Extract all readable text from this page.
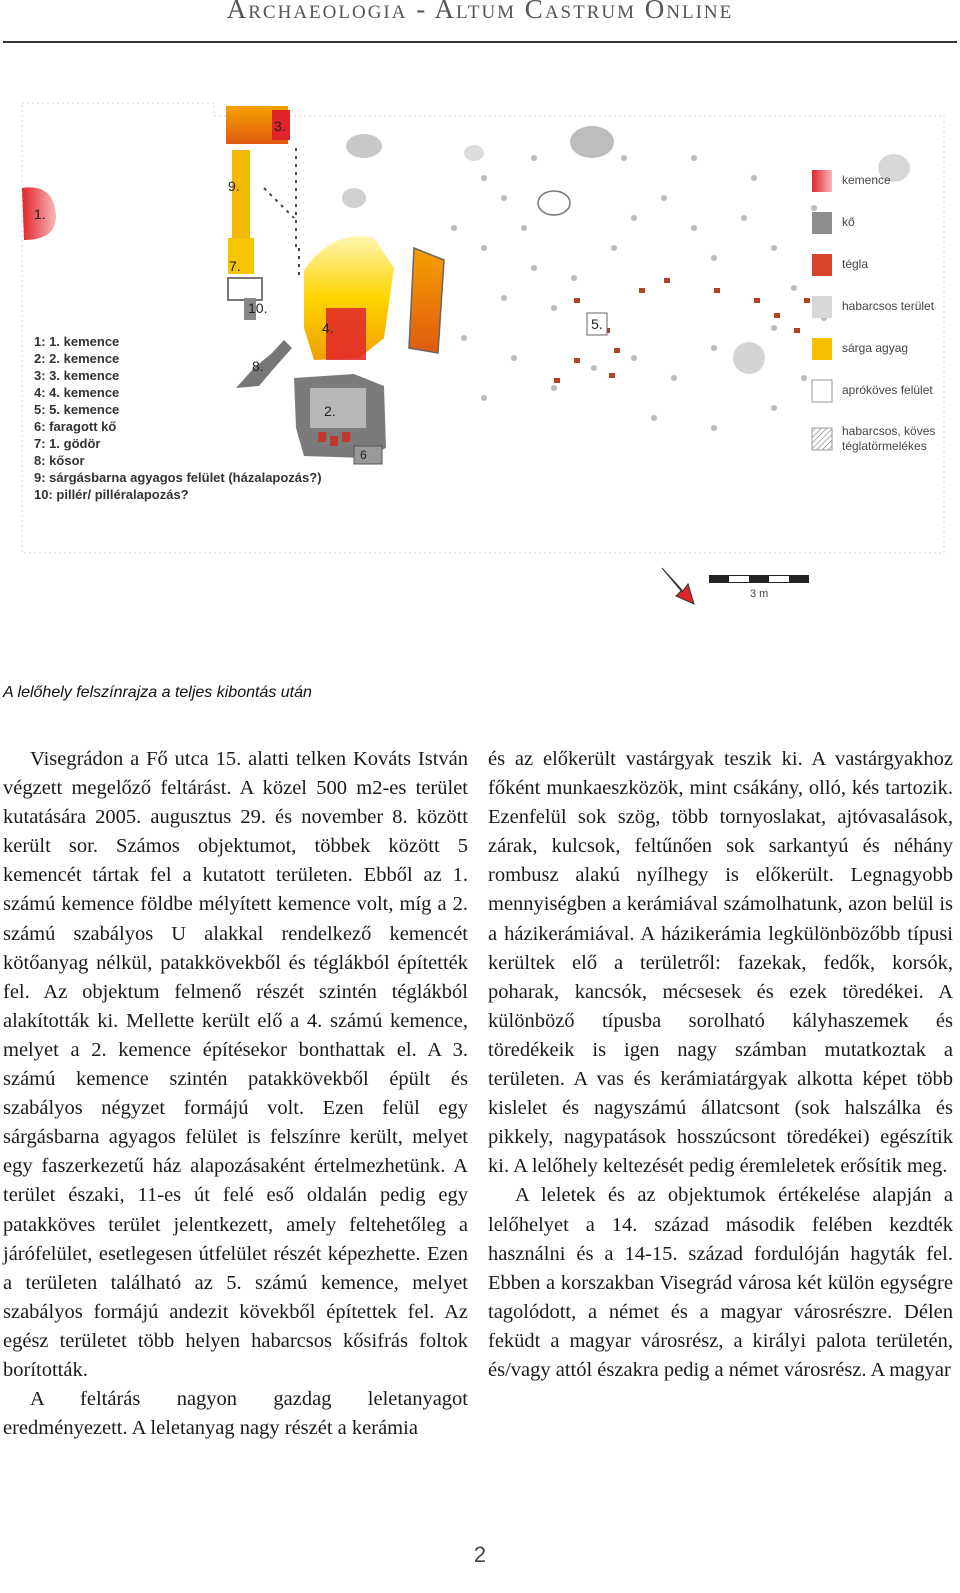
Archaeologia - Altum Castrum Online
1.
2.
3.
4.	5.
6
7.
8.
9.
10.
1: 1. kemence
2: 2. kemence
3: 3. kemence
4: 4. kemence
5: 5. kemence
6: faragott kő
7: 1. gödör
8: kősor
9: sárgásbarna agyagos felület (házalapozás?)
10: pillér/ pilléralapozás?
kemence
kő
tégla
habarcsos terület
sárga agyag
apróköves felület
habarcsos, köves téglatörmelékes
3 m
A lelőhely felszínrajza a teljes kibontás után

Visegrádon a Fő utca 15. alatti telken Kováts István végzett megelőző feltárást. A közel 500 m2-es terület kutatására 2005. augusztus 29. és november 8. között került sor. Számos objektumot, többek között 5 kemencét tártak fel a kutatott területen. Ebből az 1. számú kemence földbe mélyített kemence volt, míg a 2. számú szabályos U alakkal rendelkező kemencét kötőanyag nélkül, patakkövekből és téglákból építették fel. Az objektum felmenő részét szintén téglákból alakították ki. Mellette került elő a 4. számú kemence, melyet a 2. kemence építésekor bonthattak el. A 3. számú kemence szintén patakkövekből épült és szabályos négyzet formájú volt. Ezen felül egy sárgásbarna agyagos felület is felszínre került, melyet egy faszerkezetű ház alapozásaként értelmezhetünk. A terület északi, 11-es út felé eső oldalán pedig egy patakköves terület jelentkezett, amely feltehetőleg a járófelület, esetlegesen útfelület részét képezhette. Ezen a területen található az 5. számú kemence, melyet szabályos formájú andezit kövekből építettek fel. Az egész területet több helyen habarcsos kősifrás foltok borították.

A feltárás nagyon gazdag leletanyagot eredményezett. A leletanyag nagy részét a kerámia

és az előkerült vastárgyak teszik ki. A vastárgyakhoz főként munkaeszközök, mint csákány, olló, kés tartozik. Ezenfelül sok szög, több tornyoslakat, ajtóvasalások, zárak, kulcsok, feltűnően sok sarkantyú és néhány rombusz alakú nyílhegy is előkerült. Legnagyobb mennyiségben a kerámiával számolhatunk, azon belül is a házikerámiával. A házikerámia legkülönbözőbb típusi kerültek elő a területről: fazekak, fedők, korsók, poharak, kancsók, mécsesek és ezek töredékei. A különböző típusba sorolható kályhaszemek és töredékeik is igen nagy számban mutatkoztak a területen. A vas és kerámiatárgyak alkotta képet több kislelet és nagyszámú állatcsont (sok halszálka és pikkely, nagypatások hosszúcsont töredékei) egészítik ki. A lelőhely keltezését pedig éremleletek erősítik meg.

A leletek és az objektumok értékelése alapján a lelőhelyet a 14. század második felében kezdték használni és a 14-15. század fordulóján hagyták fel. Ebben a korszakban Visegrád városa két külön egységre tagolódott, a német és a magyar városrészre. Délen feküdt a magyar városrész, a királyi palota területén, és/vagy attól északra pedig a német városrész. A magyar

2
